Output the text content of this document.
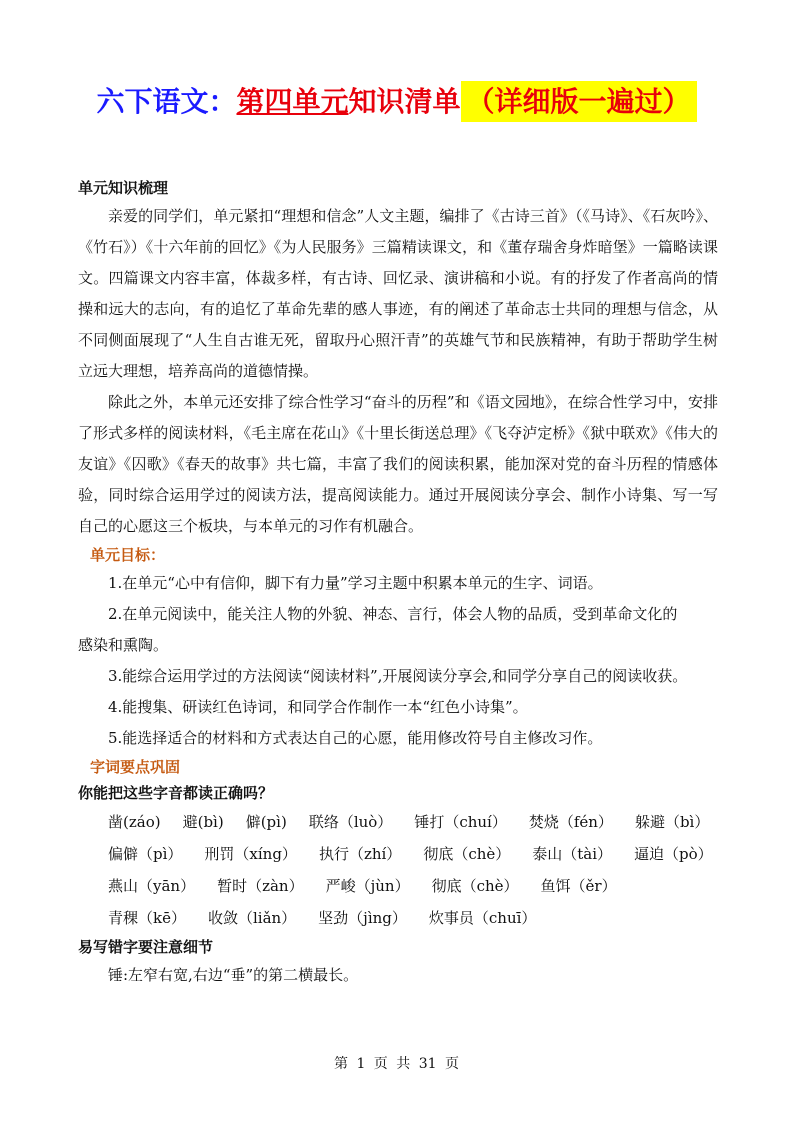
六下语文：第四单元知识清单 （详细版一遍过）

单元知识梳理

亲爱的同学们，单元紧扣“理想和信念”人文主题，编排了《古诗三首》（《马诗》、《石灰吟》、《竹石》）《十六年前的回忆》《为人民服务》三篇精读课文，和《董存瑞舍身炸暗堡》一篇略读课文。四篇课文内容丰富，体裁多样，有古诗、回忆录、演讲稿和小说。有的抒发了作者高尚的情操和远大的志向，有的追忆了革命先辈的感人事迹，有的阐述了革命志士共同的理想与信念，从不同侧面展现了“人生自古谁无死，留取丹心照汗青”的英雄气节和民族精神，有助于帮助学生树立远大理想，培养高尚的道德情操。

除此之外，本单元还安排了综合性学习“奋斗的历程”和《语文园地》，在综合性学习中，安排了形式多样的阅读材料，《毛主席在花山》《十里长街送总理》《飞夺泸定桥》《狱中联欢》《伟大的友谊》《囚歌》《春天的故事》共七篇，丰富了我们的阅读积累，能加深对党的奋斗历程的情感体验，同时综合运用学过的阅读方法，提高阅读能力。通过开展阅读分享会、制作小诗集、写一写自己的心愿这三个板块，与本单元的习作有机融合。

单元目标：

1.在单元“心中有信仰，脚下有力量”学习主题中积累本单元的生字、词语。

2.在单元阅读中，能关注人物的外貌、神态、言行，体会人物的品质，受到革命文化的

感染和熏陶。

3.能综合运用学过的方法阅读“阅读材料”,开展阅读分享会,和同学分享自己的阅读收获。

4.能搜集、研读红色诗词，和同学合作制作一本“红色小诗集”。

5.能选择适合的材料和方式表达自己的心愿，能用修改符号自主修改习作。

字词要点巩固

你能把这些字音都读正确吗？

凿(záo) 避(bì) 僻(pì) 联络（luò） 锤打（chuí） 焚烧（fén） 躲避（bì）
偏僻（pì） 刑罚（xíng） 执行（zhí） 彻底（chè） 泰山（tài） 逼迫（pò）
燕山（yān） 暂时（zàn） 严峻（jùn） 彻底（chè） 鱼饵（ěr）
青稞（kē） 收敛（liǎn） 坚劲（jìng） 炊事员（chuī）

易写错字要注意细节

锤:左窄右宽,右边“垂”的第二横最长。

第 1 页 共 31 页
